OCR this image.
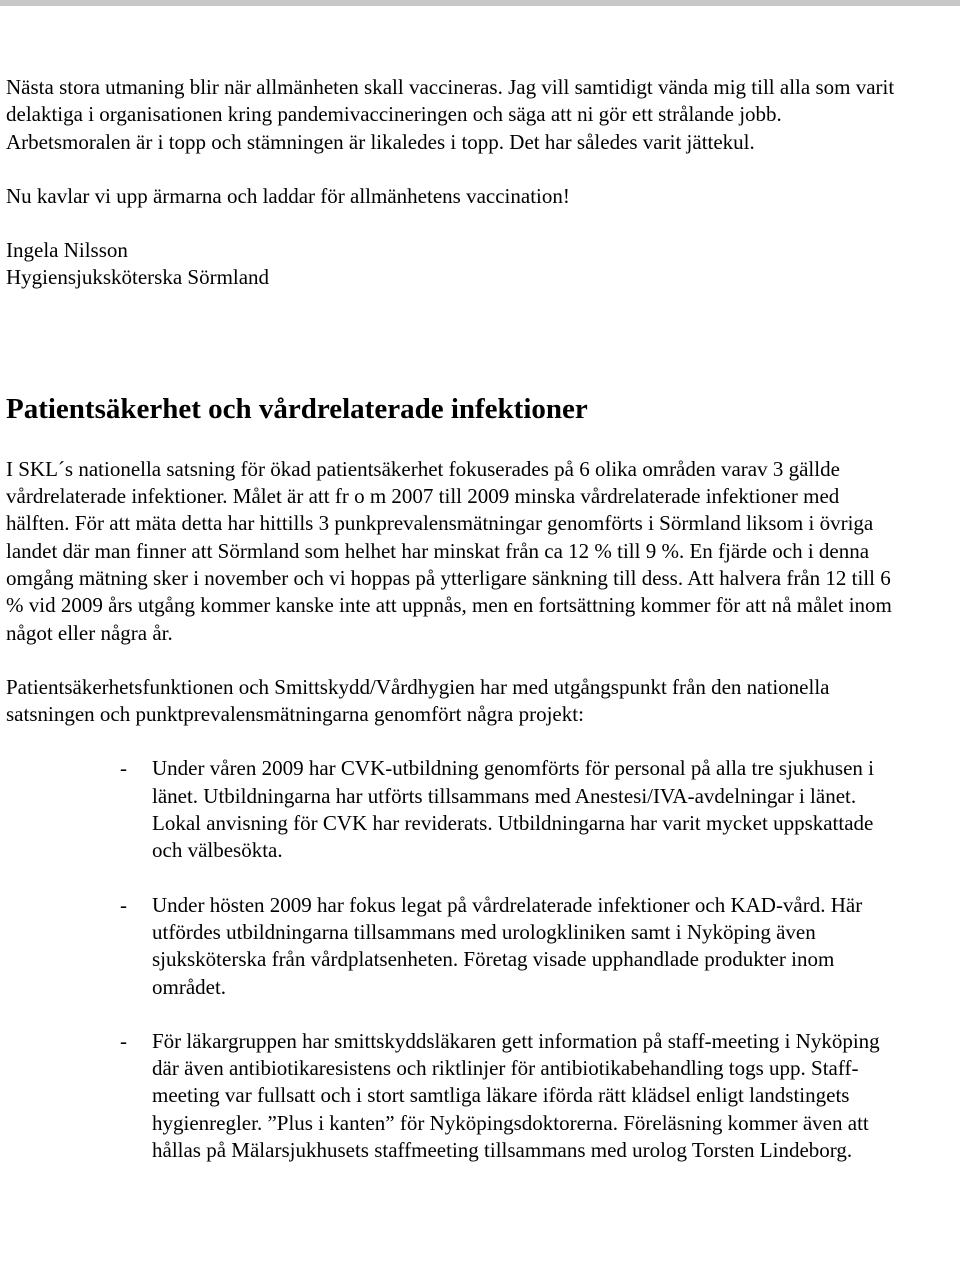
Nästa stora utmaning blir när allmänheten skall vaccineras. Jag vill samtidigt vända mig till alla som varit delaktiga i organisationen kring pandemivaccineringen och säga att ni gör ett strålande jobb. Arbetsmoralen är i topp och stämningen är likaledes i topp. Det har således varit jättekul.

Nu kavlar vi upp ärmarna och laddar för allmänhetens vaccination!

Ingela Nilsson
Hygiensjuksköterska Sörmland
Patientsäkerhet och vårdrelaterade infektioner

I SKL´s nationella satsning för ökad patientsäkerhet fokuserades på 6 olika områden varav 3 gällde vårdrelaterade infektioner. Målet är att fr o m 2007 till 2009 minska vårdrelaterade infektioner med hälften. För att mäta detta har hittills 3 punkprevalensmätningar genomförts i Sörmland liksom i övriga landet där man finner att Sörmland som helhet har minskat från ca 12 % till 9 %. En fjärde och i denna omgång mätning sker i november och vi hoppas på ytterligare sänkning till dess. Att halvera från 12 till 6 % vid 2009 års utgång kommer kanske inte att uppnås, men en fortsättning kommer för att nå målet inom något eller några år.

Patientsäkerhetsfunktionen och Smittskydd/Vårdhygien har med utgångspunkt från den nationella satsningen och punktprevalensmätningarna genomfört några projekt:

- Under våren 2009 har CVK-utbildning genomförts för personal på alla tre sjukhusen i länet. Utbildningarna har utförts tillsammans med Anestesi/IVA-avdelningar i länet. Lokal anvisning för CVK har reviderats. Utbildningarna har varit mycket uppskattade och välbesökta.
- Under hösten 2009 har fokus legat på vårdrelaterade infektioner och KAD-vård. Här utfördes utbildningarna tillsammans med urologkliniken samt i Nyköping även sjuksköterska från vårdplatsenheten. Företag visade upphandlade produkter inom området.
- För läkargruppen har smittskyddsläkaren gett information på staff-meeting i Nyköping där även antibiotikaresistens och riktlinjer för antibiotikabehandling togs upp. Staff-meeting var fullsatt och i stort samtliga läkare iförda rätt klädsel enligt landstingets hygienregler. ”Plus i kanten” för Nyköpingsdoktorerna. Föreläsning kommer även att hållas på Mälarsjukhusets staffmeeting tillsammans med urolog Torsten Lindeborg.
